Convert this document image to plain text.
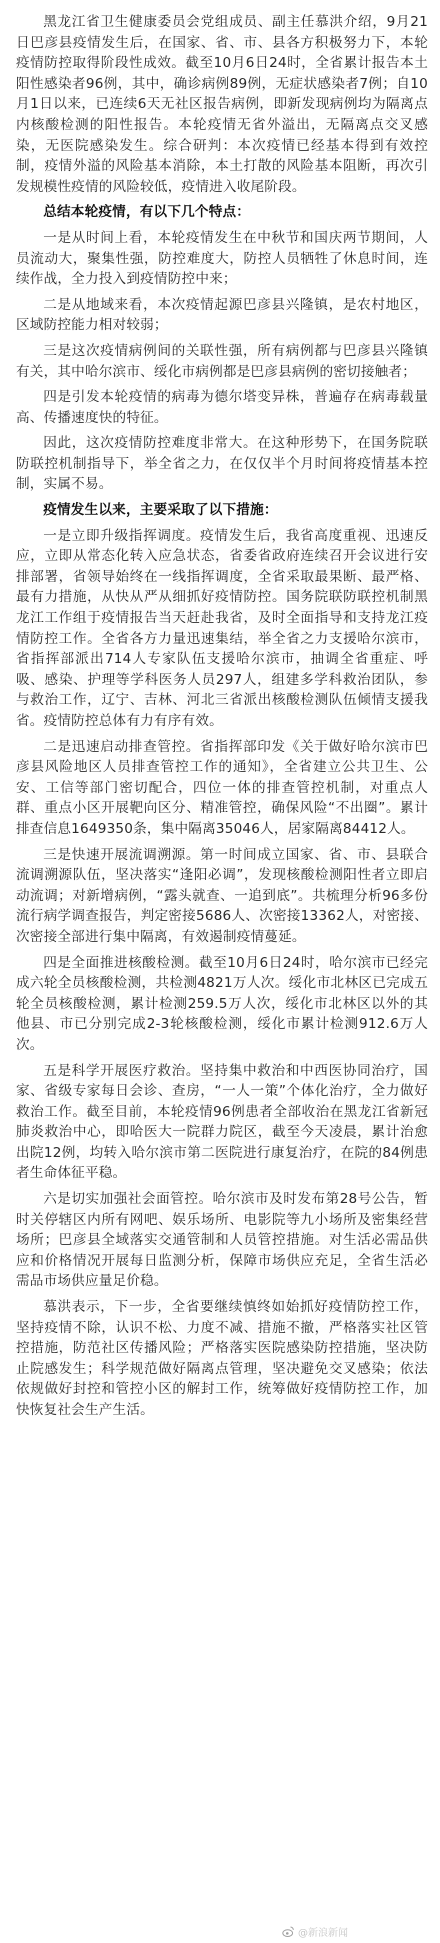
黑龙江省卫生健康委员会党组成员、副主任慕洪介绍，9月21日巴彦县疫情发生后，在国家、省、市、县各方积极努力下，本轮疫情防控取得阶段性成效。截至10月6日24时，全省累计报告本土阳性感染者96例，其中，确诊病例89例，无症状感染者7例；自10月1日以来，已连续6天无社区报告病例，即新发现病例均为隔离点内核酸检测的阳性报告。本轮疫情无省外溢出，无隔离点交叉感染，无医院感染发生。综合研判：本次疫情已经基本得到有效控制，疫情外溢的风险基本消除，本土打散的风险基本阻断，再次引发规模性疫情的风险较低，疫情进入收尾阶段。

总结本轮疫情，有以下几个特点：

一是从时间上看，本轮疫情发生在中秋节和国庆两节期间，人员流动大，聚集性强，防控难度大，防控人员牺牲了休息时间，连续作战，全力投入到疫情防控中来；

二是从地域来看，本次疫情起源巴彦县兴隆镇，是农村地区，区域防控能力相对较弱；

三是这次疫情病例间的关联性强，所有病例都与巴彦县兴隆镇有关，其中哈尔滨市、绥化市病例都是巴彦县病例的密切接触者；

四是引发本轮疫情的病毒为德尔塔变异株，普遍存在病毒载量高、传播速度快的特征。

因此，这次疫情防控难度非常大。在这种形势下，在国务院联防联控机制指导下，举全省之力，在仅仅半个月时间将疫情基本控制，实属不易。

疫情发生以来，主要采取了以下措施：

一是立即升级指挥调度。疫情发生后，我省高度重视、迅速反应，立即从常态化转入应急状态，省委省政府连续召开会议进行安排部署，省领导始终在一线指挥调度，全省采取最果断、最严格、最有力措施，从快从严从细抓好疫情防控。国务院联防联控机制黑龙江工作组于疫情报告当天赶赴我省，及时全面指导和支持龙江疫情防控工作。全省各方力量迅速集结，举全省之力支援哈尔滨市，省指挥部派出714人专家队伍支援哈尔滨市，抽调全省重症、呼吸、感染、护理等学科医务人员297人，组建多学科救治团队，参与救治工作，辽宁、吉林、河北三省派出核酸检测队伍倾情支援我省。疫情防控总体有力有序有效。

二是迅速启动排查管控。省指挥部印发《关于做好哈尔滨市巴彦县风险地区人员排查管控工作的通知》，全省建立公共卫生、公安、工信等部门密切配合，四位一体的排查管控机制，对重点人群、重点小区开展靶向区分、精准管控，确保风险“不出圈”。累计排查信息1649350条，集中隔离35046人，居家隔离84412人。

三是快速开展流调溯源。第一时间成立国家、省、市、县联合流调溯源队伍，坚决落实“逢阳必调”，发现核酸检测阳性者立即启动流调；对新增病例，“露头就查、一追到底”。共梳理分析96多份流行病学调查报告，判定密接5686人、次密接13362人，对密接、次密接全部进行集中隔离，有效遏制疫情蔓延。

四是全面推进核酸检测。截至10月6日24时，哈尔滨市已经完成六轮全员核酸检测，共检测4821万人次。绥化市北林区已完成五轮全员核酸检测，累计检测259.5万人次，绥化市北林区以外的其他县、市已分别完成2-3轮核酸检测，绥化市累计检测912.6万人次。

五是科学开展医疗救治。坚持集中救治和中西医协同治疗，国家、省级专家每日会诊、查房，“一人一策”个体化治疗，全力做好救治工作。截至目前，本轮疫情96例患者全部收治在黑龙江省新冠肺炎救治中心，即哈医大一院群力院区，截至今天凌晨，累计治愈出院12例，均转入哈尔滨市第二医院进行康复治疗，在院的84例患者生命体征平稳。

六是切实加强社会面管控。哈尔滨市及时发布第28号公告，暂时关停辖区内所有网吧、娱乐场所、电影院等九小场所及密集经营场所；巴彦县全域落实交通管制和人员管控措施。对生活必需品供应和价格情况开展每日监测分析，保障市场供应充足，全省生活必需品市场供应量足价稳。

慕洪表示，下一步，全省要继续慎终如始抓好疫情防控工作，坚持疫情不除，认识不松、力度不减、措施不撤，严格落实社区管控措施，防范社区传播风险；严格落实医院感染防控措施，坚决防止院感发生；科学规范做好隔离点管理，坚决避免交叉感染；依法依规做好封控和管控小区的解封工作，统筹做好疫情防控工作，加快恢复社会生产生活。

@新浪新闻
